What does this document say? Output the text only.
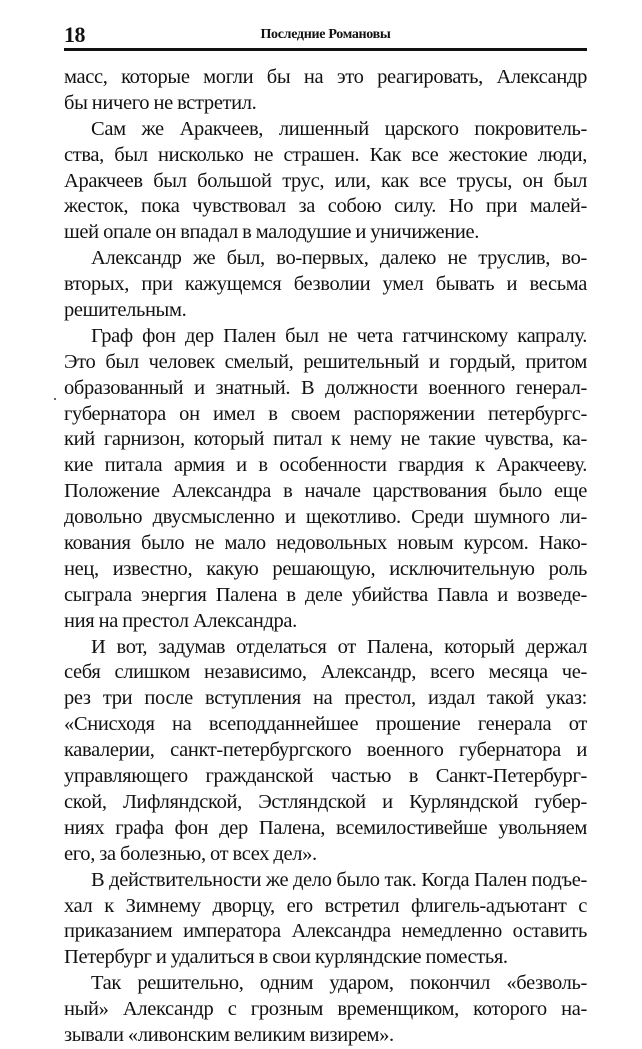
18	Последние Романовы

масс, которые могли бы на это реагировать, Александр
бы ничего не встретил.

Сам же Аракчеев, лишенный царского покровитель-
ства, был нисколько не страшен. Как все жестокие люди,
Аракчеев был большой трус, или, как все трусы, он был
жесток, пока чувствовал за собою силу. Но при малей-
шей опале он впадал в малодушие и уничижение.

Александр же был, во-первых, далеко не труслив, во-
вторых, при кажущемся безволии умел бывать и весьма
решительным.

Граф фон дер Пален был не чета гатчинскому капралу.
Это был человек смелый, решительный и гордый, притом
образованный и знатный. В должности военного генерал-
губернатора он имел в своем распоряжении петербургс-
кий гарнизон, который питал к нему не такие чувства, ка-
кие питала армия и в особенности гвардия к Аракчееву.
Положение Александра в начале царствования было еще
довольно двусмысленно и щекотливо. Среди шумного ли-
кования было не мало недовольных новым курсом. Нако-
нец, известно, какую решающую, исключительную роль
сыграла энергия Палена в деле убийства Павла и возведе-
ния на престол Александра.

И вот, задумав отделаться от Палена, который держал
себя слишком независимо, Александр, всего месяца че-
рез три после вступления на престол, издал такой указ:
«Снисходя на всеподданнейшее прошение генерала от
кавалерии, санкт-петербургского военного губернатора и
управляющего гражданской частью в Санкт-Петербург-
ской, Лифляндской, Эстляндской и Курляндской губер-
ниях графа фон дер Палена, всемилостивейше увольняем
его, за болезнью, от всех дел».

В действительности же дело было так. Когда Пален подъе-
хал к Зимнему дворцу, его встретил флигель-адъютант с
приказанием императора Александра немедленно оставить
Петербург и удалиться в свои курляндские поместья.

Так решительно, одним ударом, покончил «безволь-
ный» Александр с грозным временщиком, которого на-
зывали «ливонским великим визирем».
